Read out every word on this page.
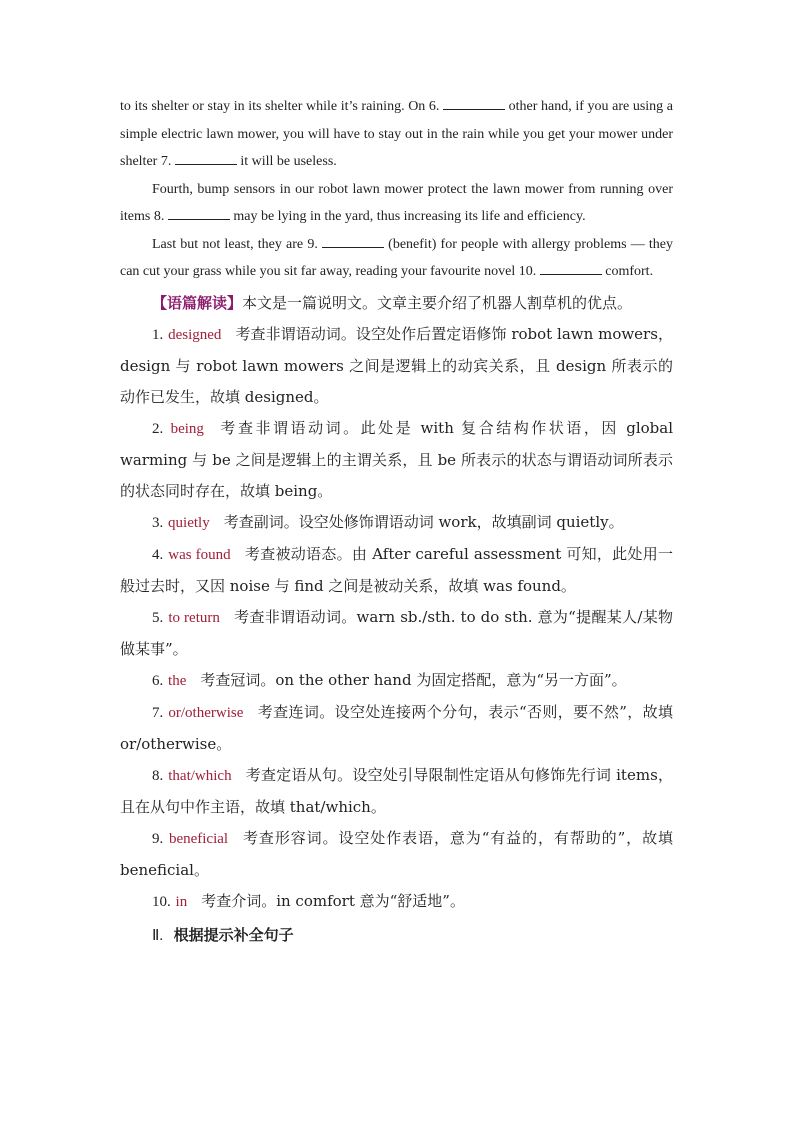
to its shelter or stay in its shelter while it’s raining. On 6.	other hand, if you are using a simple electric lawn mower, you will have to stay out in the rain while you get your mower under shelter 7.	it will be useless.

Fourth, bump sensors in our robot lawn mower protect the lawn mower from running over items 8.	may be lying in the yard, thus increasing its life and efficiency.

Last but not least, they are 9.	(benefit) for people with allergy problems — they can cut your grass while you sit far away, reading your favourite novel 10.	comfort.

【语篇解读】本文是一篇说明文。文章主要介绍了机器人割草机的优点。

1. designed 考查非谓语动词。设空处作后置定语修饰 robot lawn mowers，design 与 robot lawn mowers 之间是逻辑上的动宾关系，且 design 所表示的动作已发生，故填 designed。

2. being 考查非谓语动词。此处是 with 复合结构作状语，因 global warming 与 be 之间是逻辑上的主谓关系，且 be 所表示的状态与谓语动词所表示的状态同时存在，故填 being。

3. quietly 考查副词。设空处修饰谓语动词 work，故填副词 quietly。

4. was found 考查被动语态。由 After careful assessment 可知，此处用一般过去时，又因 noise 与 find 之间是被动关系，故填 was found。

5. to return 考查非谓语动词。warn sb./sth. to do sth. 意为“提醒某人/某物做某事”。

6. the 考查冠词。on the other hand 为固定搭配，意为“另一方面”。

7. or/otherwise 考查连词。设空处连接两个分句，表示“否则，要不然”，故填 or/otherwise。

8. that/which 考查定语从句。设空处引导限制性定语从句修饰先行词 items，且在从句中作主语，故填 that/which。

9. beneficial 考查形容词。设空处作表语，意为“有益的，有帮助的”，故填 beneficial。

10. in 考查介词。in comfort 意为“舒适地”。

Ⅱ. 根据提示补全句子
